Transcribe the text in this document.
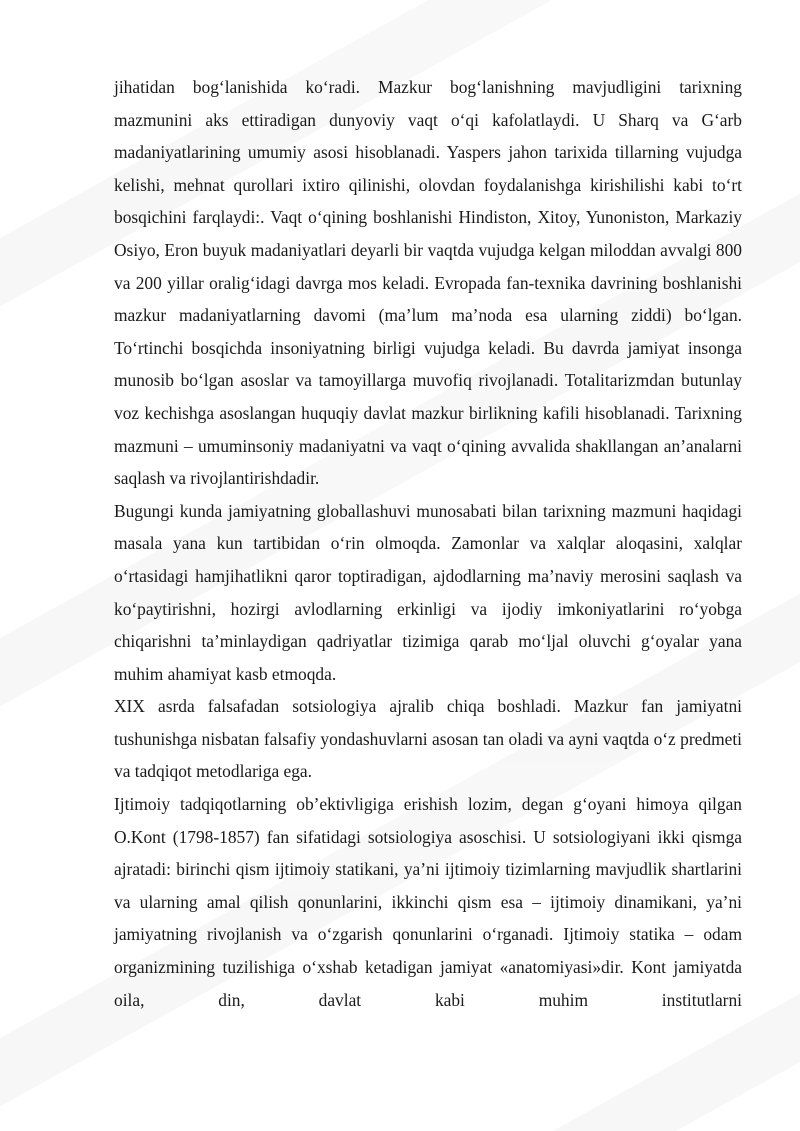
jihatidan bog‘lanishida ko‘radi. Mazkur bog‘lanishning mavjudligini tarixning mazmunini aks ettiradigan dunyoviy vaqt o‘qi kafolatlaydi. U Sharq va G‘arb madaniyatlarining umumiy asosi hisoblanadi. Yaspers jahon tarixida tillarning vujudga kelishi, mehnat qurollari ixtiro qilinishi, olovdan foydalanishga kirishilishi kabi to‘rt bosqichini farqlaydi:. Vaqt o‘qining boshlanishi Hindiston, Xitoy, Yunoniston, Markaziy Osiyo, Eron buyuk madaniyatlari deyarli bir vaqtda vujudga kelgan miloddan avvalgi 800 va 200 yillar oralig‘idagi davrga mos keladi. Evropada fan-texnika davrining boshlanishi mazkur madaniyatlarning davomi (ma’lum ma’noda esa ularning ziddi) bo‘lgan. To‘rtinchi bosqichda insoniyatning birligi vujudga keladi. Bu davrda jamiyat insonga munosib bo‘lgan asoslar va tamoyillarga muvofiq rivojlanadi. Totalitarizmdan butunlay voz kechishga asoslangan huquqiy davlat mazkur birlikning kafili hisoblanadi. Tarixning mazmuni – umuminsoniy madaniyatni va vaqt o‘qining avvalida shakllangan an’analarni saqlash va rivojlantirishdadir.

Bugungi kunda jamiyatning globallashuvi munosabati bilan tarixning mazmuni haqidagi masala yana kun tartibidan o‘rin olmoqda. Zamonlar va xalqlar aloqasini, xalqlar o‘rtasidagi hamjihatlikni qaror toptiradigan, ajdodlarning ma’naviy merosini saqlash va ko‘paytirishni, hozirgi avlodlarning erkinligi va ijodiy imkoniyatlarini ro‘yobga chiqarishni ta’minlaydigan qadriyatlar tizimiga qarab mo‘ljal oluvchi g‘oyalar yana muhim ahamiyat kasb etmoqda.

XIX asrda falsafadan sotsiologiya ajralib chiqa boshladi. Mazkur fan jamiyatni tushunishga nisbatan falsafiy yondashuvlarni asosan tan oladi va ayni vaqtda o‘z predmeti va tadqiqot metodlariga ega.

Ijtimoiy tadqiqotlarning ob’ektivligiga erishish lozim, degan g‘oyani himoya qilgan O.Kont (1798-1857) fan sifatidagi sotsiologiya asoschisi. U sotsiologiyani ikki qismga ajratadi: birinchi qism ijtimoiy statikani, ya’ni ijtimoiy tizimlarning mavjudlik shartlarini va ularning amal qilish qonunlarini, ikkinchi qism esa – ijtimoiy dinamikani, ya’ni jamiyatning rivojlanish va o‘zgarish qonunlarini o‘rganadi. Ijtimoiy statika – odam organizmining tuzilishiga o‘xshab ketadigan jamiyat «anatomiyasi»dir. Kont jamiyatda oila, din, davlat kabi muhim institutlarni
